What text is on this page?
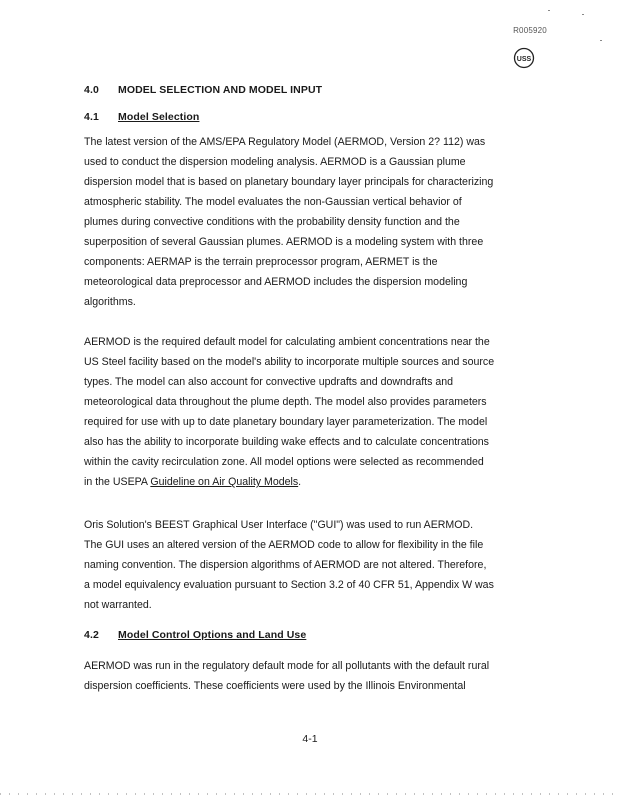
R005920
USS
4.0 MODEL SELECTION AND MODEL INPUT
4.1 Model Selection
The latest version of the AMS/EPA Regulatory Model (AERMOD, Version 2? 112) was
used to conduct the dispersion modeling analysis. AERMOD is a Gaussian plume
dispersion model that is based on planetary boundary layer principals for characterizing
atmospheric stability. The model evaluates the non-Gaussian vertical behavior of
plumes during convective conditions with the probability density function and the
superposition of several Gaussian plumes. AERMOD is a modeling system with three
components: AERMAP is the terrain preprocessor program, AERMET is the
meteorological data preprocessor and AERMOD includes the dispersion modeling
algorithms.
AERMOD is the required default model for calculating ambient concentrations near the
US Steel facility based on the model's ability to incorporate multiple sources and source
types. The model can also account for convective updrafts and downdrafts and
meteorological data throughout the plume depth. The model also provides parameters
required for use with up to date planetary boundary layer parameterization. The model
also has the ability to incorporate building wake effects and to calculate concentrations
within the cavity recirculation zone. All model options were selected as recommended
in the USEPA Guideline on Air Quality Models.
Oris Solution's BEEST Graphical User Interface ("GUI") was used to run AERMOD.
The GUI uses an altered version of the AERMOD code to allow for flexibility in the file
naming convention. The dispersion algorithms of AERMOD are not altered. Therefore,
a model equivalency evaluation pursuant to Section 3.2 of 40 CFR 51, Appendix W was
not warranted.
4.2 Model Control Options and Land Use
AERMOD was run in the regulatory default mode for all pollutants with the default rural
dispersion coefficients. These coefficients were used by the Illinois Environmental
4-1
